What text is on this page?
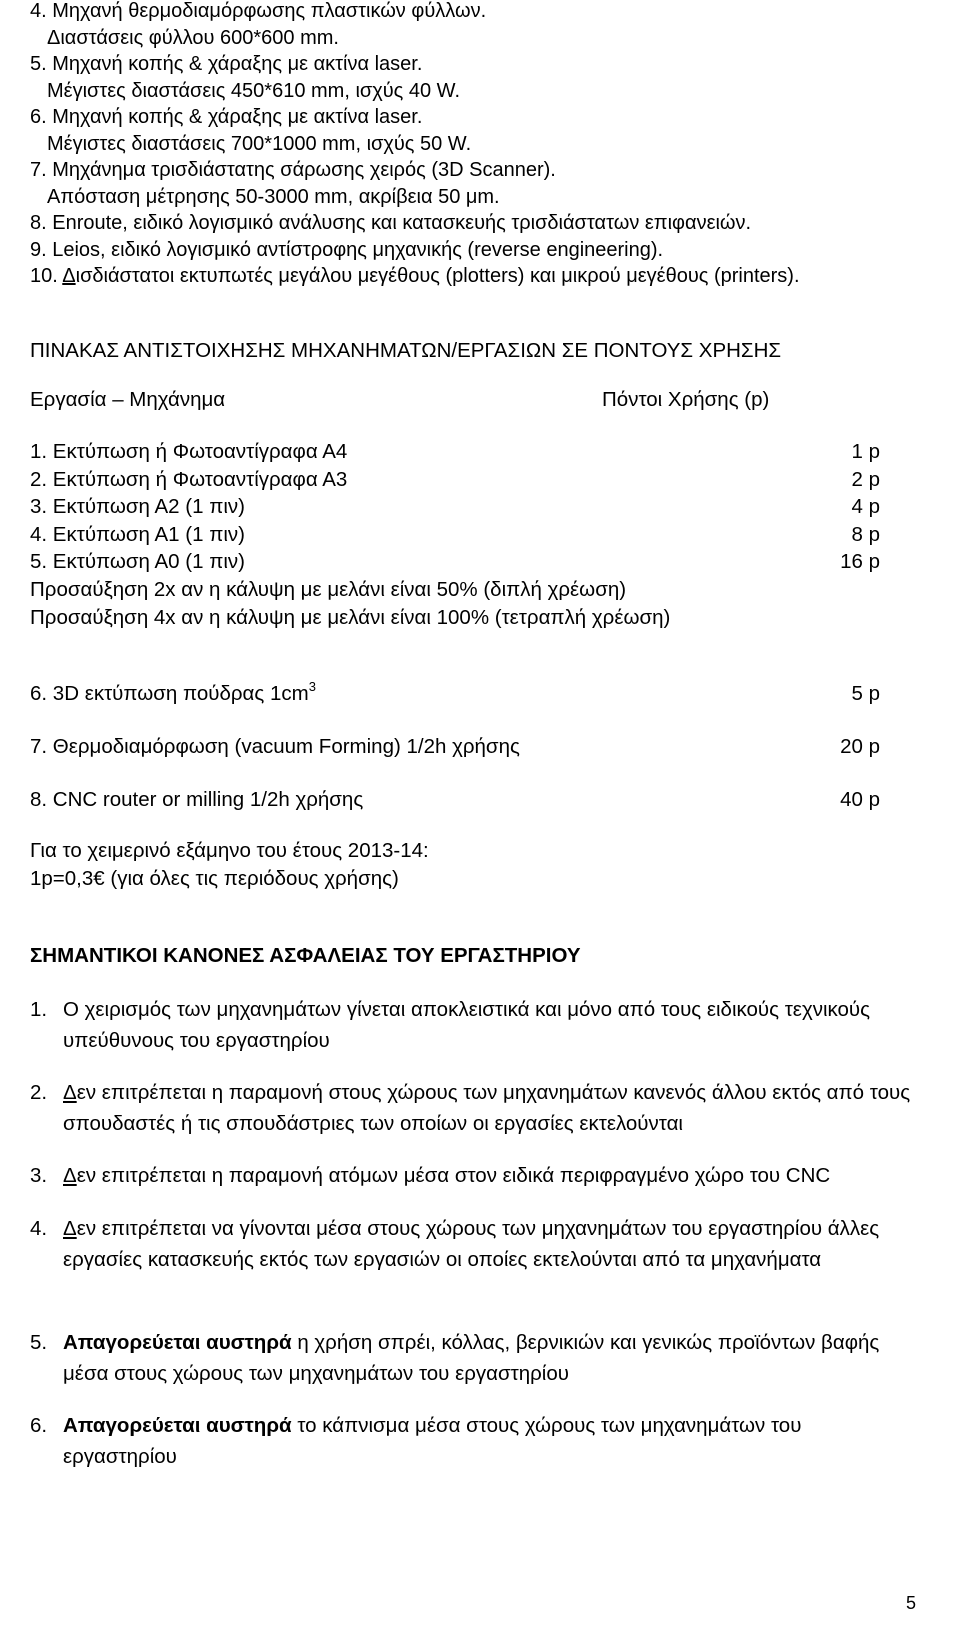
4. Μηχανή θερμοδιαμόρφωσης πλαστικών φύλλων.
Διαστάσεις φύλλου 600*600 mm.
5. Μηχανή κοπής & χάραξης με ακτίνα laser.
Μέγιστες διαστάσεις 450*610 mm, ισχύς 40 W.
6. Μηχανή κοπής & χάραξης με ακτίνα laser.
Μέγιστες διαστάσεις 700*1000 mm, ισχύς 50 W.
7. Μηχάνημα τρισδιάστατης σάρωσης χειρός (3D Scanner).
Απόσταση μέτρησης 50-3000 mm, ακρίβεια 50 μm.
8. Enroute, ειδικό λογισμικό ανάλυσης και κατασκευής τρισδιάστατων επιφανειών.
9. Leios, ειδικό λογισμικό αντίστροφης μηχανικής (reverse engineering).
10. Δισδιάστατοι εκτυπωτές μεγάλου μεγέθους (plotters) και μικρού μεγέθους (printers).
ΠΙΝΑΚΑΣ ΑΝΤΙΣΤΟΙΧΗΣΗΣ ΜΗΧΑΝΗΜΑΤΩΝ/ΕΡΓΑΣΙΩΝ ΣΕ ΠΟΝΤΟΥΣ ΧΡΗΣΗΣ
Εργασία – Μηχάνημα	Πόντοι Χρήσης (p)
1. Εκτύπωση ή Φωτοαντίγραφα Α4	1 p
2. Εκτύπωση ή Φωτοαντίγραφα Α3	2 p
3. Εκτύπωση Α2 (1 πιν)	4 p
4. Εκτύπωση Α1 (1 πιν)	8 p
5. Εκτύπωση Α0 (1 πιν)	16 p
Προσαύξηση 2x αν η κάλυψη με μελάνι είναι 50% (διπλή χρέωση)
Προσαύξηση 4x αν η κάλυψη με μελάνι είναι 100% (τετραπλή χρέωση)
6. 3D εκτύπωση πούδρας $1cm^3$	5 p
7. Θερμοδιαμόρφωση (vacuum Forming) 1/2h χρήσης	20 p
8. CNC router or milling 1/2h χρήσης	40 p
Για το χειμερινό εξάμηνο του έτους 2013-14:
1p=0,3€ (για όλες τις περιόδους χρήσης)
ΣΗΜΑΝΤΙΚΟΙ ΚΑΝΟΝΕΣ ΑΣΦΑΛΕΙΑΣ ΤΟΥ ΕΡΓΑΣΤΗΡΙΟΥ
1. Ο χειρισμός των μηχανημάτων γίνεται αποκλειστικά και μόνο από τους ειδικούς τεχνικούς υπεύθυνους του εργαστηρίου
2. Δεν επιτρέπεται η παραμονή στους χώρους των μηχανημάτων κανενός άλλου εκτός από τους σπουδαστές ή τις σπουδάστριες των οποίων οι εργασίες εκτελούνται
3. Δεν επιτρέπεται η παραμονή ατόμων μέσα στον ειδικά περιφραγμένο χώρο του CNC
4. Δεν επιτρέπεται να γίνονται μέσα στους χώρους των μηχανημάτων του εργαστηρίου άλλες εργασίες κατασκευής εκτός των εργασιών οι οποίες εκτελούνται από τα μηχανήματα
5. Απαγορεύεται αυστηρά η χρήση σπρέι, κόλλας, βερνικιών και γενικώς προϊόντων βαφής μέσα στους χώρους των μηχανημάτων του εργαστηρίου
6. Απαγορεύεται αυστηρά το κάπνισμα μέσα στους χώρους των μηχανημάτων του εργαστηρίου
5
